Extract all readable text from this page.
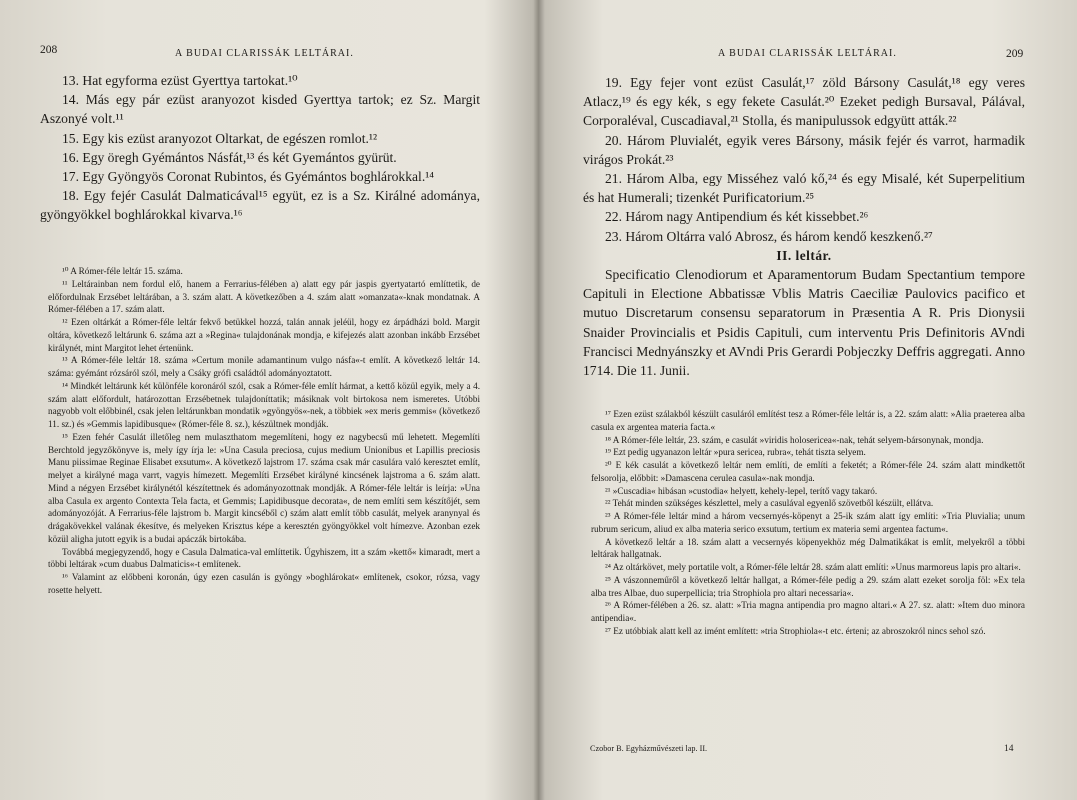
208	A BUDAI CLARISSÁK LELTÁRAI.

13. Hat egyforma ezüst Gyerttya tartokat.¹⁰

14. Más egy pár ezüst aranyozot kisded Gyerttya tartok; ez Sz. Margit Aszonyé volt.¹¹

15. Egy kis ezüst aranyozot Oltarkat, de egészen romlot.¹²

16. Egy öregh Gyémántos Násfát,¹³ és két Gyemántos gyürüt.

17. Egy Gyöngyös Coronat Rubintos, és Gyémántos boghlárokkal.¹⁴

18. Egy fejér Casulát Dalmaticával¹⁵ együt, ez is a Sz. Királné adománya, gyöngyökkel boghlárokkal kivarva.¹⁶

¹⁰ A Rómer-féle leltár 15. száma.

¹¹ Leltárainban nem fordul elő, hanem a Ferrarius-félében a) alatt egy pár jaspis gyertyatartó említtetik, de előfordulnak Erzsébet leltárában, a 3. szám alatt. A következőben a 4. szám alatt »omanzata«-knak mondatnak. A Rómer-félében a 17. szám alatt.

¹² Ezen oltárkát a Rómer-féle leltár fekvő betükkel hozzá, talán annak jeléül, hogy ez árpádházi bold. Margit oltára, következő leltárunk 6. száma azt a »Regina« tulajdonának mondja, e kifejezés alatt azonban inkább Erzsébet királynét, mint Margitot lehet értenünk.

¹³ A Rómer-féle leltár 18. száma »Certum monile adamantinum vulgo násfa«-t említ. A következő leltár 14. száma: gyémánt rózsáról szól, mely a Csáky grófi családtól adományoztatott.

¹⁴ Mindkét leltárunk két különféle koronáról szól, csak a Rómer-féle említ hármat, a kettő közül egyik, mely a 4. szám alatt előfordult, határozottan Erzsébetnek tulajdoníttatik; másiknak volt birtokosa nem ismeretes. Utóbbi nagyobb volt előbbinél, csak jelen leltárunkban mondatik »gyöngyös«-nek, a többiek »ex meris gemmis« (következő 11. sz.) és »Gemmis lapidibusque« (Rómer-féle 8. sz.), készültnek mondják.

¹⁵ Ezen fehér Casulát illetőleg nem mulaszthatom megemlíteni, hogy ez nagybecsű mű lehetett. Megemlíti Berchtold jegyzőkönyve is, mely így írja le: »Una Casula preciosa, cujus medium Unionibus et Lapillis preciosis Manu piissimae Reginae Elisabet exsutum«. A következő lajstrom 17. száma csak már casulára való keresztet említ, melyet a királyné maga varrt, vagyis hímezett. Megemlíti Erzsébet királyné kincsének lajstroma a 6. szám alatt. Mind a négyen Erzsébet királynétól készítettnek és adományozottnak mondják. A Rómer-féle leltár is leírja: »Una alba Casula ex argento Contexta Tela facta, et Gemmis; Lapidibusque decorata«, de nem említi sem készítőjét, sem adományozóját. A Ferrarius-féle lajstrom b. Margit kincséből c) szám alatt említ több casulát, melyek aranynyal és drágakövekkel valának ékesítve, és melyeken Krisztus képe a keresztén gyöngyökkel volt hímezve. Azonban ezek közül aligha jutott egyik is a budai apáczák birtokába.

Továbbá megjegyzendő, hogy e Casula Dalmatica-val említtetik. Úgyhiszem, itt a szám »kettő« kimaradt, mert a többi leltárak »cum duabus Dalmaticis«-t említenek.

¹⁶ Valamint az előbbeni koronán, úgy ezen casulán is gyöngy »boghlárokat« említenek, csokor, rózsa, vagy rosette helyett.

A BUDAI CLARISSÁK LELTÁRAI.	209

19. Egy fejer vont ezüst Casulát,¹⁷ zöld Bársony Casulát,¹⁸ egy veres Atlacz,¹⁹ és egy kék, s egy fekete Casulát.²⁰ Ezeket pedigh Bursaval, Pálával, Corporaléval, Cuscadiaval,²¹ Stolla, és manipulussok edgyütt atták.²²

20. Három Pluvialét, egyik veres Bársony, másik fejér és varrot, harmadik virágos Prokát.²³

21. Három Alba, egy Misséhez való kő,²⁴ és egy Misalé, két Superpelitium és hat Humerali; tizenkét Purificatorium.²⁵

22. Három nagy Antipendium és két kissebbet.²⁶

23. Három Oltárra való Abrosz, és három kendő keszkenő.²⁷

II. leltár.

Specificatio Clenodiorum et Aparamentorum Budam Spectantium tempore Capituli in Electione Abbatissæ Vblis Matris Caeciliæ Paulovics pacifico et mutuo Discretarum consensu separatorum in Præsentia A R. Pris Dionysii Snaider Provincialis et Psidis Capituli, cum interventu Pris Definitoris AVndi Francisci Mednyánszky et AVndi Pris Gerardi Pobjeczky Deffris aggregati. Anno 1714. Die 11. Junii.

¹⁷ Ezen ezüst szálakból készült casuláról említést tesz a Rómer-féle leltár is, a 22. szám alatt: »Alia praeterea alba casula ex argentea materia facta.«

¹⁸ A Rómer-féle leltár, 23. szám, e casulát »viridis holosericea«-nak, tehát selyem-bársonynak, mondja.

¹⁹ Ezt pedig ugyanazon leltár »pura sericea, rubra«, tehát tiszta selyem.

²⁰ E kék casulát a következő leltár nem említi, de említi a feketét; a Rómer-féle 24. szám alatt mindkettőt felsorolja, előbbit: »Damascena cerulea casula«-nak mondja.

²¹ »Cuscadia« hibásan »custodia« helyett, kehely-lepel, terítő vagy takaró.

²² Tehát minden szükséges készlettel, mely a casulával egyenlő szövetből készült, ellátva.

²³ A Rómer-féle leltár mind a három vecsernyés-köpenyt a 25-ik szám alatt így említi: »Tria Pluvialia; unum rubrum sericum, aliud ex alba materia serico exsutum, tertium ex materia semi argentea factum«.

A következő leltár a 18. szám alatt a vecsernyés köpenyekhöz még Dalmatikákat is említ, melyekről a többi leltárak hallgatnak.

²⁴ Az oltárkövet, mely portatile volt, a Rómer-féle leltár 28. szám alatt említi: »Unus marmoreus lapis pro altari«.

²⁵ A vászonneműről a következő leltár hallgat, a Rómer-féle pedig a 29. szám alatt ezeket sorolja föl: »Ex tela alba tres Albae, duo superpellicia; tria Strophiola pro altari necessaria«.

²⁶ A Rómer-félében a 26. sz. alatt: »Tria magna antipendia pro magno altari.« A 27. sz. alatt: »Item duo minora antipendia«.

²⁷ Ez utóbbiak alatt kell az imént említett: »tria Strophiola«-t etc. érteni; az abroszokról nincs sehol szó.

Czobor B. Egyházművészeti lap. II.	14
